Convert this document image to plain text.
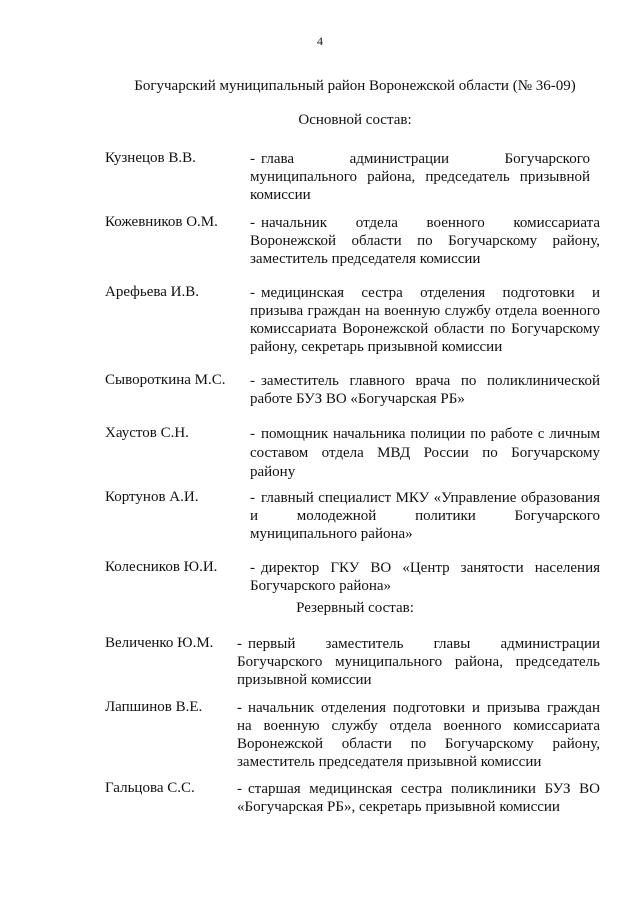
4
Богучарский муниципальный район Воронежской области (№ 36-09)
Основной состав:
Кузнецов В.В.	- глава администрации Богучарского муниципального района, председатель призывной комиссии
Кожевников О.М. - начальник отдела военного комиссариата Воронежской области по Богучарскому району, заместитель председателя комиссии
Арефьева И.В.	- медицинская сестра отделения подготовки и призыва граждан на военную службу отдела военного комиссариата Воронежской области по Богучарскому району, секретарь призывной комиссии
Сывороткина М.С. - заместитель главного врача по поликлинической работе БУЗ ВО «Богучарская РБ»
Хаустов С.Н.	- помощник начальника полиции по работе с личным составом отдела МВД России по Богучарскому району
Кортунов А.И.	- главный специалист МКУ «Управление образования и молодежной политики Богучарского муниципального района»
Колесников Ю.И. - директор ГКУ ВО «Центр занятости населения Богучарского района»
Резервный состав:
Величенко Ю.М. - первый заместитель главы администрации Богучарского муниципального района, председатель призывной комиссии
Лапшинов В.Е. - начальник отделения подготовки и призыва граждан на военную службу отдела военного комиссариата Воронежской области по Богучарскому району, заместитель председателя призывной комиссии
Гальцова С.С.	- старшая медицинская сестра поликлиники БУЗ ВО «Богучарская РБ», секретарь призывной комиссии
